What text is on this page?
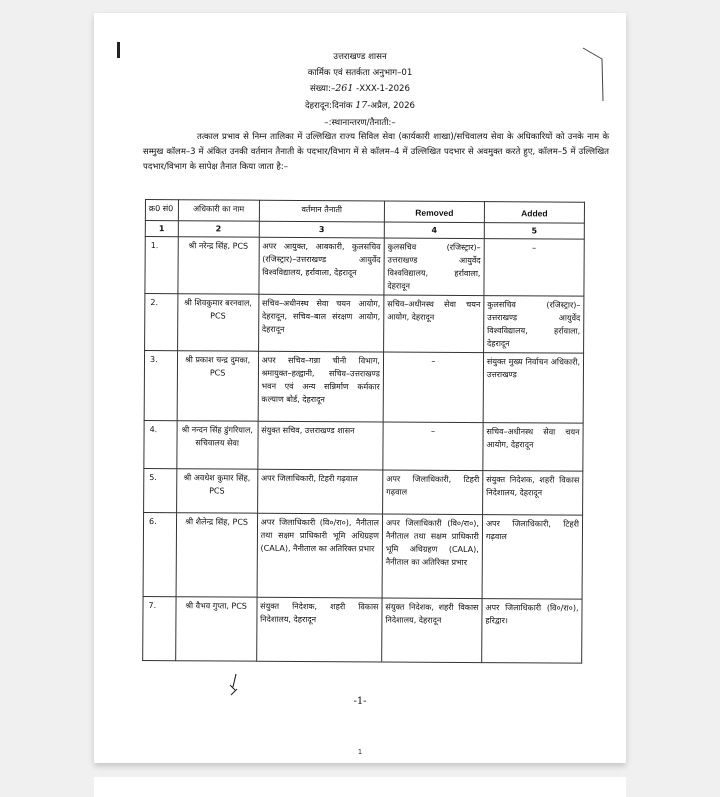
उत्तराखण्ड शासन
कार्मिक एवं सतर्कता अनुभाग–01
संख्या:–261 -XXX-1-2026
देहरादून:दिनांक 17-अप्रैल, 2026
–:स्थानान्तरण/तैनाती:–
तत्काल प्रभाव से निम्न तालिका में उल्लिखित राज्य सिविल सेवा (कार्यकारी शाखा)/सचिवालय सेवा के अधिकारियों को उनके नाम के सम्मुख कॉलम–3 में अंकित उनकी वर्तमान तैनाती के पदभार/विभाग में से कॉलम–4 में उल्लिखित पदभार से अवमुक्त करते हुए, कॉलम–5 में उल्लिखित पदभार/विभाग के सापेक्ष तैनात किया जाता है:–
क्र0 सं0	अधिकारी का नाम	वर्तमान तैनाती	Removed	Added
1	2	3	4	5
1.	श्री नरेन्द्र सिंह, PCS	अपर आयुक्त, आबकारी, कुलसचिव (रजिस्ट्रार)–उत्तराखण्ड आयुर्वेद विश्वविद्यालय, हर्रावाला, देहरादून	कुलसचिव (रजिस्ट्रार)–उत्तराखण्ड आयुर्वेद विश्वविद्यालय, हर्रावाला, देहरादून	–
2.	श्री शिवकुमार बरनवाल, PCS	सचिव–अधीनस्थ सेवा चयन आयोग, देहरादून, सचिव–बाल संरक्षण आयोग, देहरादून	सचिव–अधीनस्थ सेवा चयन आयोग, देहरादून	कुलसचिव (रजिस्ट्रार)–उत्तराखण्ड आयुर्वेद विश्वविद्यालय, हर्रावाला, देहरादून
3.	श्री प्रकाश चन्द्र दुमका, PCS	अपर सचिव–गन्ना चीनी विभाग, श्रमायुक्त–हल्द्वानी, सचिव–उत्तराखण्ड भवन एवं अन्य सन्निर्माण कर्मकार कल्याण बोर्ड, देहरादून	–	संयुक्त मुख्य निर्वाचन अधिकारी, उत्तराखण्ड
4.	श्री नन्दन सिंह डुंगरियाल, सचिवालय सेवा	संयुक्त सचिव, उत्तराखण्ड शासन	–	सचिव–अधीनस्थ सेवा चयन आयोग, देहरादून
5.	श्री अवधेश कुमार सिंह, PCS	अपर जिलाधिकारी, टिहरी गढ़वाल	अपर जिलाधिकारी, टिहरी गढ़वाल	संयुक्त निदेशक, शहरी विकास निदेशालय, देहरादून
6.	श्री शैलेन्द्र सिंह, PCS	अपर जिलाधिकारी (वि०/रा०), नैनीताल तथा सक्षम प्राधिकारी भूमि अधिग्रहण (CALA), नैनीताल का अतिरिक्त प्रभार	अपर जिलाधिकारी (वि०/रा०), नैनीताल तथा सक्षम प्राधिकारी भूमि अधिग्रहण (CALA), नैनीताल का अतिरिक्त प्रभार	अपर जिलाधिकारी, टिहरी गढ़वाल
7.	श्री वैभव गुप्ता, PCS	संयुक्त निदेशक, शहरी विकास निदेशालय, देहरादून	संयुक्त निदेशक, शहरी विकास निदेशालय, देहरादून	अपर जिलाधिकारी (वि०/रा०), हरिद्वार।
-1-
1
